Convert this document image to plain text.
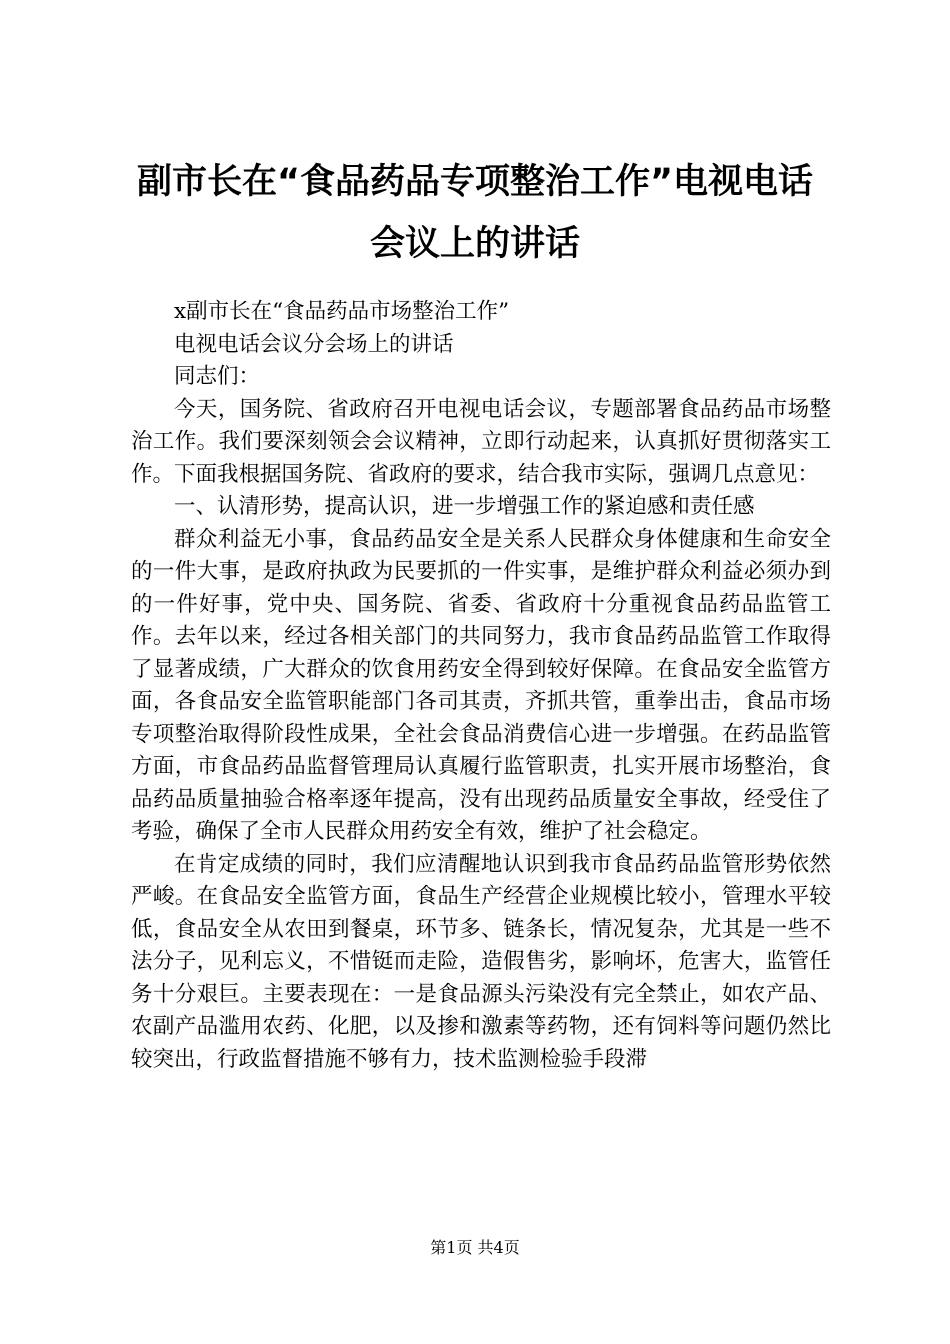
副市长在“食品药品专项整治工作”电视电话
会议上的讲话

x副市长在“食品药品市场整治工作”

电视电话会议分会场上的讲话

同志们：

今天，国务院、省政府召开电视电话会议，专题部署食品药品市场整治工作。我们要深刻领会会议精神，立即行动起来，认真抓好贯彻落实工作。下面我根据国务院、省政府的要求，结合我市实际，强调几点意见：

一、认清形势，提高认识，进一步增强工作的紧迫感和责任感

群众利益无小事，食品药品安全是关系人民群众身体健康和生命安全的一件大事，是政府执政为民要抓的一件实事，是维护群众利益必须办到的一件好事，党中央、国务院、省委、省政府十分重视食品药品监管工作。去年以来，经过各相关部门的共同努力，我市食品药品监管工作取得了显著成绩，广大群众的饮食用药安全得到较好保障。在食品安全监管方面，各食品安全监管职能部门各司其责，齐抓共管，重拳出击，食品市场专项整治取得阶段性成果，全社会食品消费信心进一步增强。在药品监管方面，市食品药品监督管理局认真履行监管职责，扎实开展市场整治，食品药品质量抽验合格率逐年提高，没有出现药品质量安全事故，经受住了考验，确保了全市人民群众用药安全有效，维护了社会稳定。

在肯定成绩的同时，我们应清醒地认识到我市食品药品监管形势依然严峻。在食品安全监管方面，食品生产经营企业规模比较小，管理水平较低，食品安全从农田到餐桌，环节多、链条长，情况复杂，尤其是一些不法分子，见利忘义，不惜铤而走险，造假售劣，影响坏，危害大，监管任务十分艰巨。主要表现在：一是食品源头污染没有完全禁止，如农产品、农副产品滥用农药、化肥，以及掺和激素等药物，还有饲料等问题仍然比较突出，行政监督措施不够有力，技术监测检验手段滞

第1页 共4页
